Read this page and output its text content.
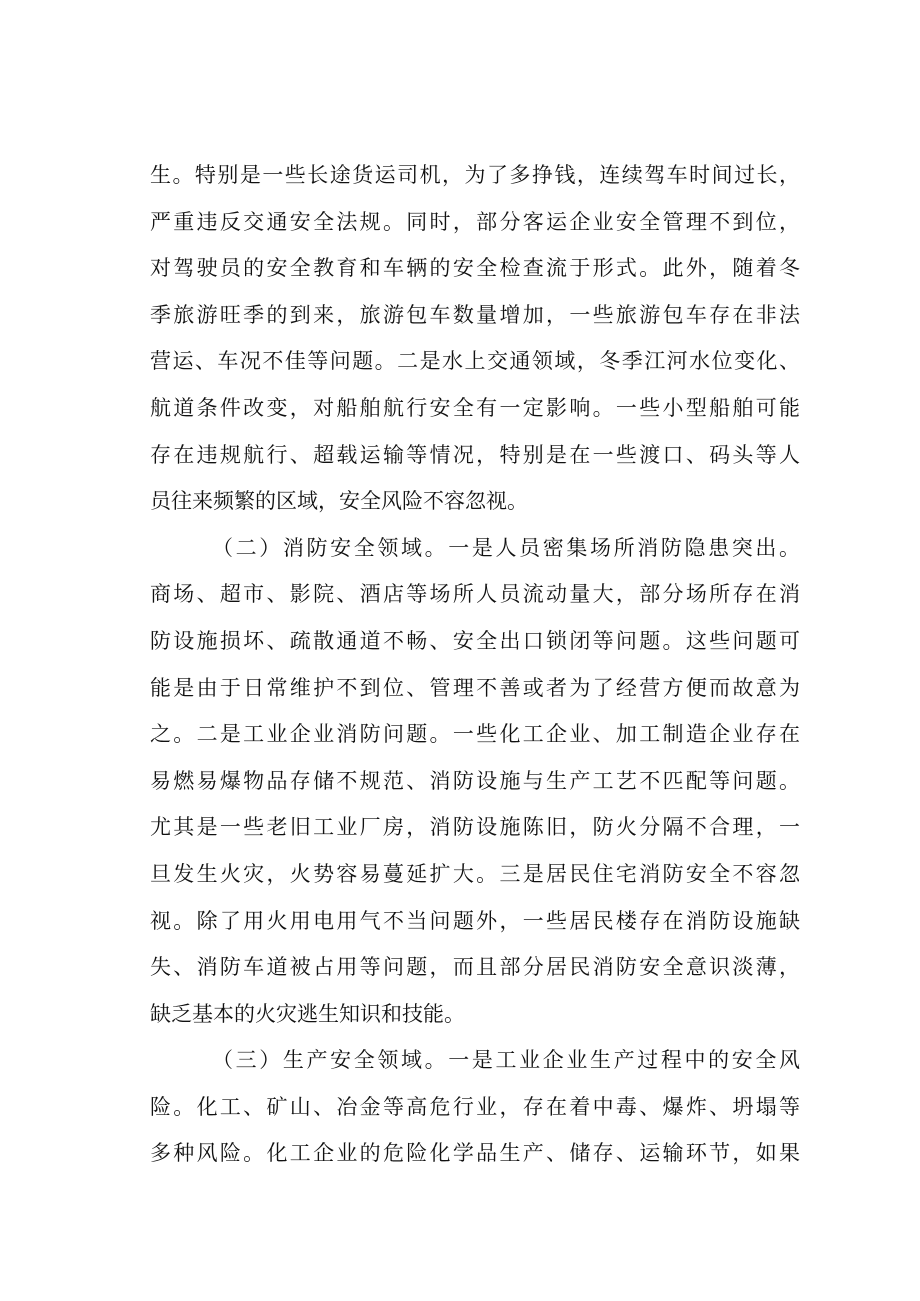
生。特别是一些长途货运司机，为了多挣钱，连续驾车时间过长，
严重违反交通安全法规。同时，部分客运企业安全管理不到位，
对驾驶员的安全教育和车辆的安全检查流于形式。此外，随着冬
季旅游旺季的到来，旅游包车数量增加，一些旅游包车存在非法
营运、车况不佳等问题。二是水上交通领域，冬季江河水位变化、
航道条件改变，对船舶航行安全有一定影响。一些小型船舶可能
存在违规航行、超载运输等情况，特别是在一些渡口、码头等人
员往来频繁的区域，安全风险不容忽视。
（二）消防安全领域。一是人员密集场所消防隐患突出。
商场、超市、影院、酒店等场所人员流动量大，部分场所存在消
防设施损坏、疏散通道不畅、安全出口锁闭等问题。这些问题可
能是由于日常维护不到位、管理不善或者为了经营方便而故意为
之。二是工业企业消防问题。一些化工企业、加工制造企业存在
易燃易爆物品存储不规范、消防设施与生产工艺不匹配等问题。
尤其是一些老旧工业厂房，消防设施陈旧，防火分隔不合理，一
旦发生火灾，火势容易蔓延扩大。三是居民住宅消防安全不容忽
视。除了用火用电用气不当问题外，一些居民楼存在消防设施缺
失、消防车道被占用等问题，而且部分居民消防安全意识淡薄，
缺乏基本的火灾逃生知识和技能。
（三）生产安全领域。一是工业企业生产过程中的安全风
险。化工、矿山、冶金等高危行业，存在着中毒、爆炸、坍塌等
多种风险。化工企业的危险化学品生产、储存、运输环节，如果
